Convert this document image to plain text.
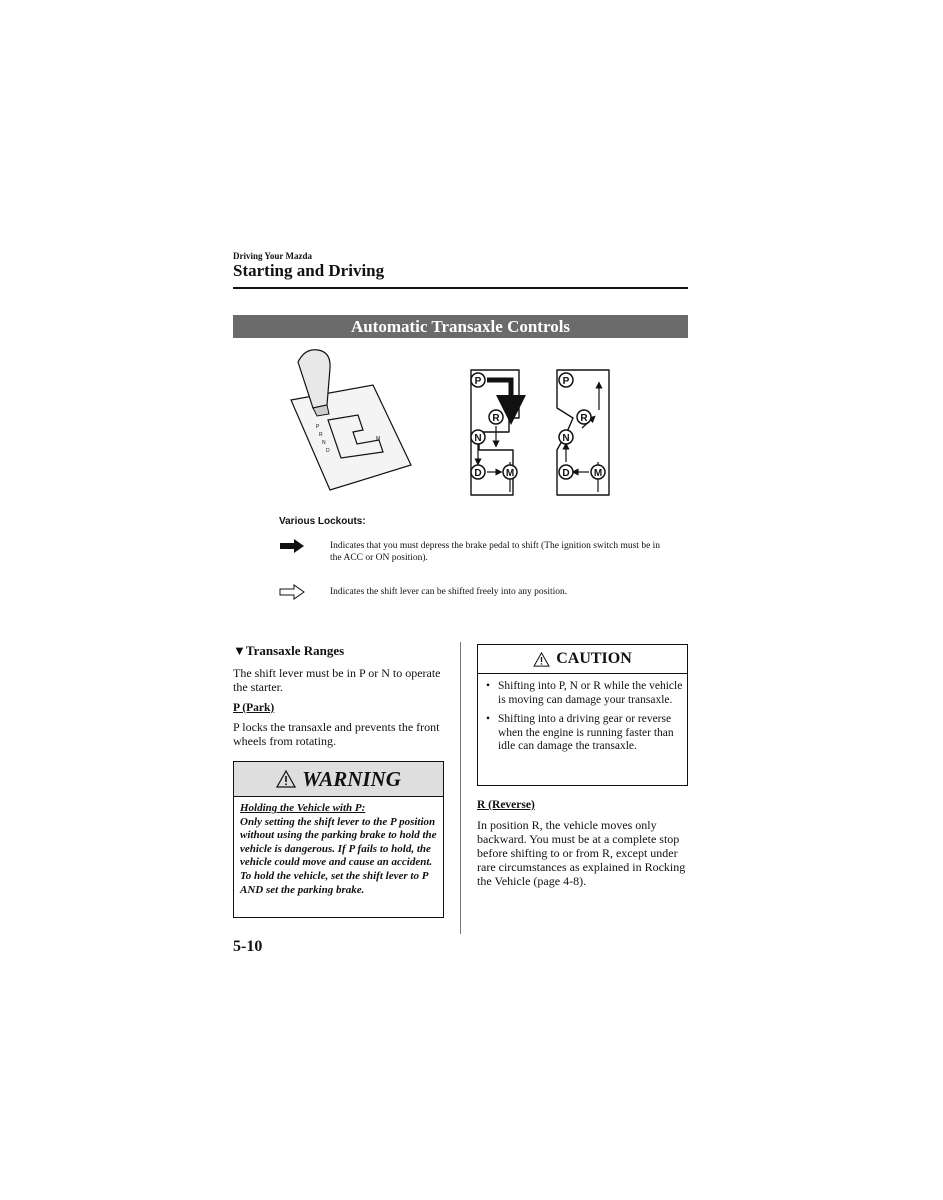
Driving Your Mazda
Starting and Driving
Automatic Transaxle Controls
P
R
N
D
M
P
R
N
D M
P
R
N
D M
Various Lockouts:
Indicates that you must depress the brake pedal to shift (The ignition switch must be in the ACC or ON position).
Indicates the shift lever can be shifted freely into any position.
▼Transaxle Ranges
The shift lever must be in P or N to operate the starter.
P (Park)
P locks the transaxle and prevents the front wheels from rotating.
WARNING
Holding the Vehicle with P:
Only setting the shift lever to the P position without using the parking brake to hold the vehicle is dangerous. If P fails to hold, the vehicle could move and cause an accident. To hold the vehicle, set the shift lever to P AND set the parking brake.
CAUTION
• Shifting into P, N or R while the vehicle is moving can damage your transaxle.
• Shifting into a driving gear or reverse when the engine is running faster than idle can damage the transaxle.
R (Reverse)
In position R, the vehicle moves only backward. You must be at a complete stop before shifting to or from R, except under rare circumstances as explained in Rocking the Vehicle (page 4-8).
5-10
